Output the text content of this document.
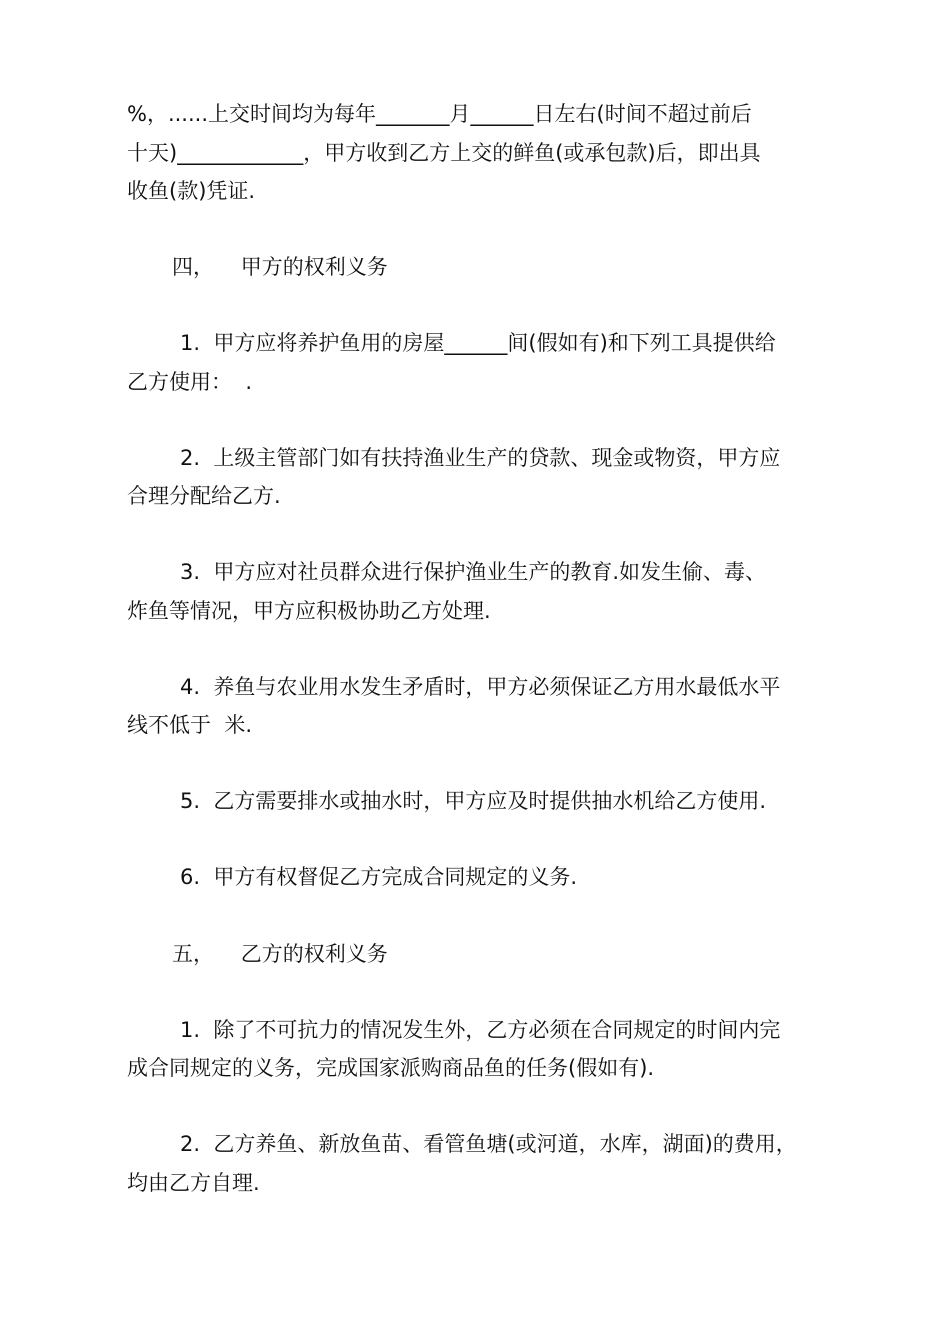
%，......上交时间均为每年_______月______日左右(时间不超过前后

十天)____________，甲方收到乙方上交的鲜鱼(或承包款)后，即出具

收鱼(款)凭证.

四，    甲方的权利义务

1.  甲方应将养护鱼用的房屋______间(假如有)和下列工具提供给

乙方使用：  .

2.  上级主管部门如有扶持渔业生产的贷款、现金或物资，甲方应

合理分配给乙方.

3.  甲方应对社员群众进行保护渔业生产的教育.如发生偷、毒、

炸鱼等情况，甲方应积极协助乙方处理.

4.  养鱼与农业用水发生矛盾时，甲方必须保证乙方用水最低水平

线不低于  米.

5.  乙方需要排水或抽水时，甲方应及时提供抽水机给乙方使用.

6.  甲方有权督促乙方完成合同规定的义务.

五，    乙方的权利义务

1.  除了不可抗力的情况发生外，乙方必须在合同规定的时间内完

成合同规定的义务，完成国家派购商品鱼的任务(假如有).

2.  乙方养鱼、新放鱼苗、看管鱼塘(或河道，水库，湖面)的费用，

均由乙方自理.
